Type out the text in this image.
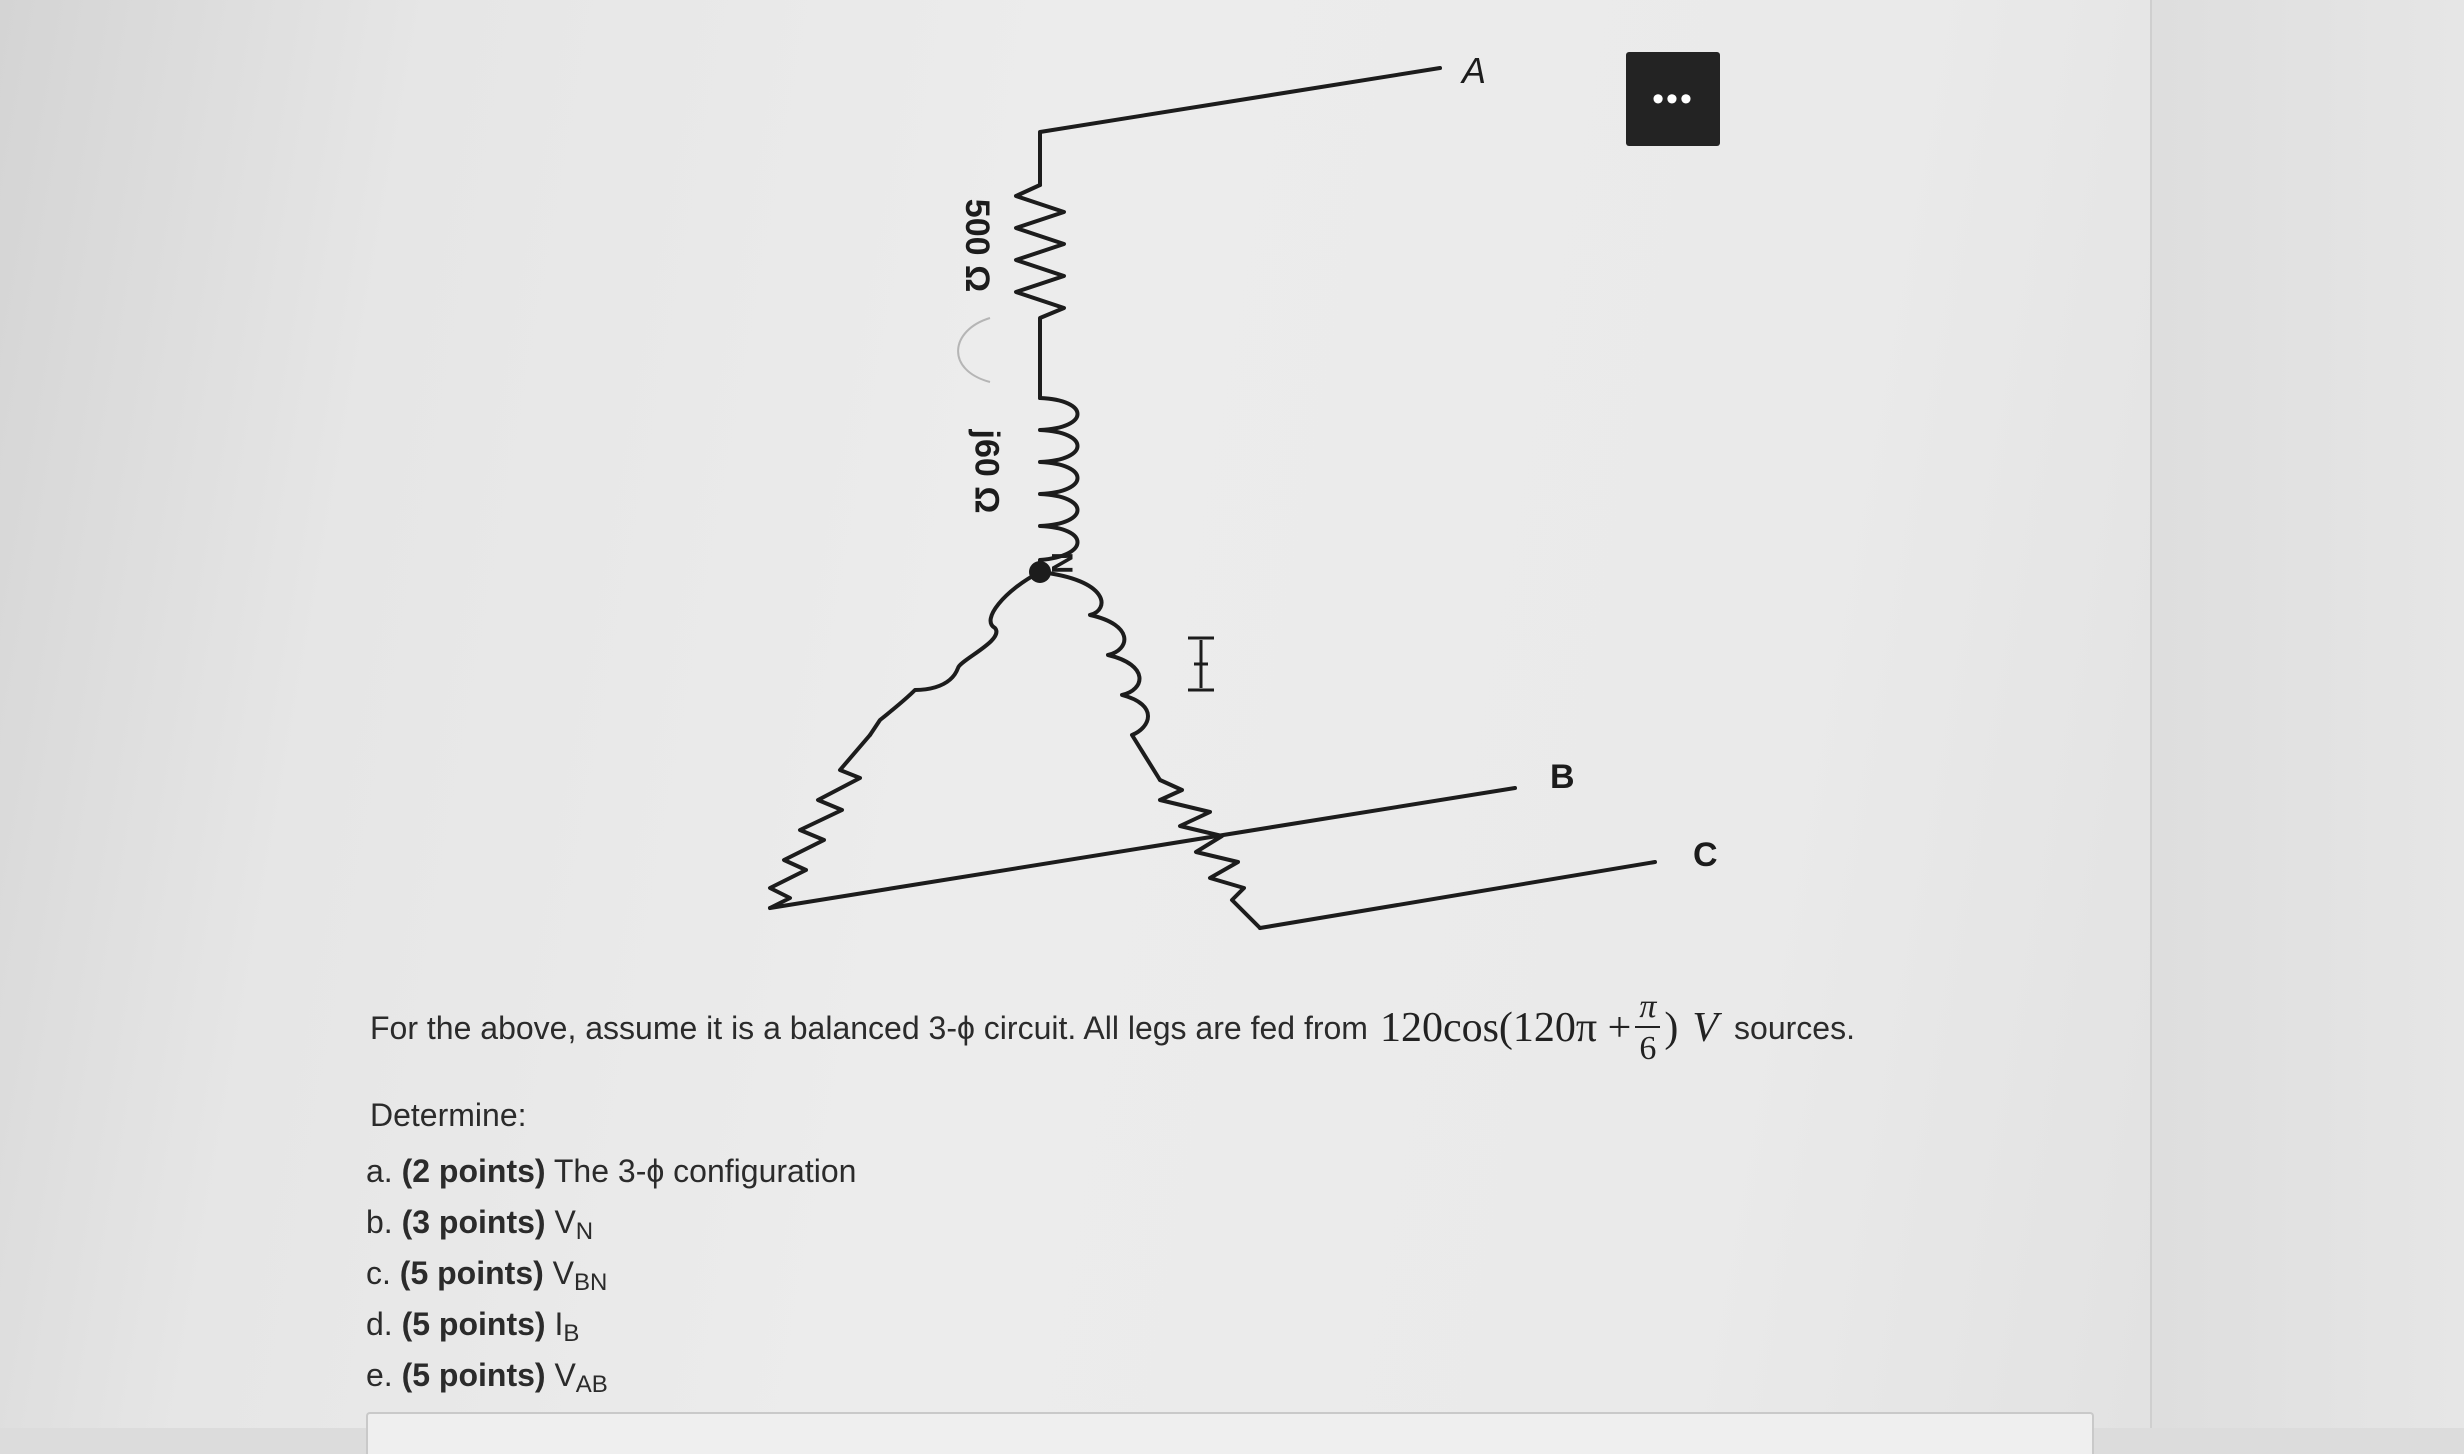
A
B
C
N
500 Ω
j60 Ω
•••
For the above, assume it is a balanced 3-ϕ circuit. All legs are fed from $120\cos(120\pi + \frac{\pi}{6}$ ) V sources.
Determine:
a. (2 points) The 3-ϕ configuration
b. (3 points) $V_N$
c. (5 points) $V_{BN}$
d. (5 points) $I_B$
e. (5 points) $V_{AB}$
